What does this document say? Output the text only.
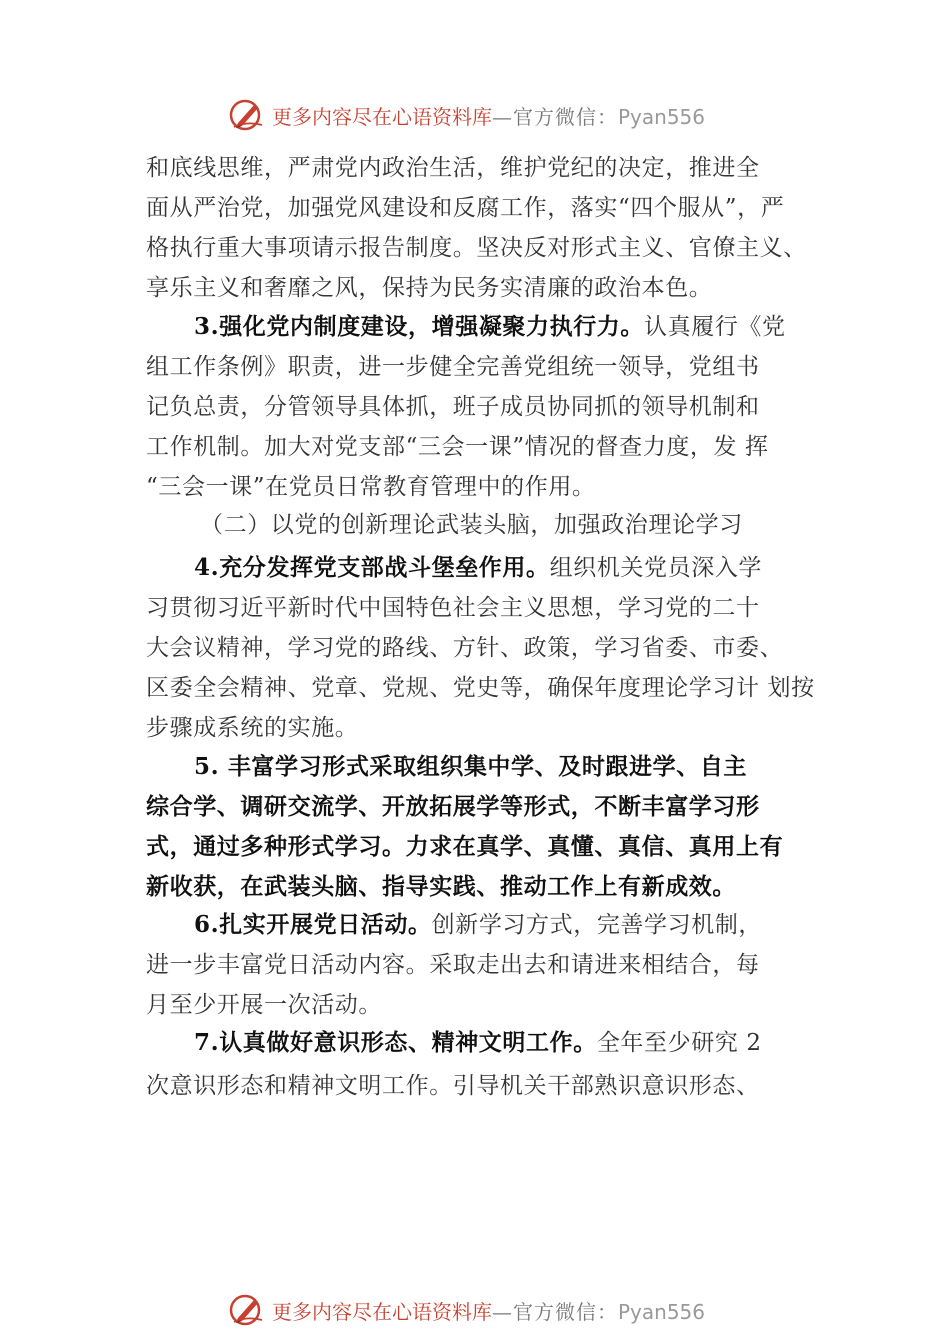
更多内容尽在心语资料库—官方微信：Pyan556
和底线思维，严肃党内政治生活，维护党纪的决定，推进全
面从严治党，加强党风建设和反腐工作，落实“四个服从”，严
格执行重大事项请示报告制度。坚决反对形式主义、官僚主义、
享乐主义和奢靡之风，保持为民务实清廉的政治本色。
3.强化党内制度建设，增强凝聚力执行力。认真履行《党
组工作条例》职责，进一步健全完善党组统一领导，党组书
记负总责，分管领导具体抓，班子成员协同抓的领导机制和
工作机制。加大对党支部“三会一课”情况的督查力度，发 挥
“三会一课”在党员日常教育管理中的作用。
（二）以党的创新理论武装头脑，加强政治理论学习
4.充分发挥党支部战斗堡垒作用。组织机关党员深入学
习贯彻习近平新时代中国特色社会主义思想，学习党的二十
大会议精神，学习党的路线、方针、政策，学习省委、市委、
区委全会精神、党章、党规、党史等，确保年度理论学习计 划按
步骤成系统的实施。
5. 丰富学习形式采取组织集中学、及时跟进学、自主
综合学、调研交流学、开放拓展学等形式，不断丰富学习形
式，通过多种形式学习。力求在真学、真懂、真信、真用上有
新收获，在武装头脑、指导实践、推动工作上有新成效。
6.扎实开展党日活动。创新学习方式，完善学习机制，
进一步丰富党日活动内容。采取走出去和请进来相结合，每
月至少开展一次活动。
7.认真做好意识形态、精神文明工作。全年至少研究 2
次意识形态和精神文明工作。引导机关干部熟识意识形态、
更多内容尽在心语资料库—官方微信：Pyan556
